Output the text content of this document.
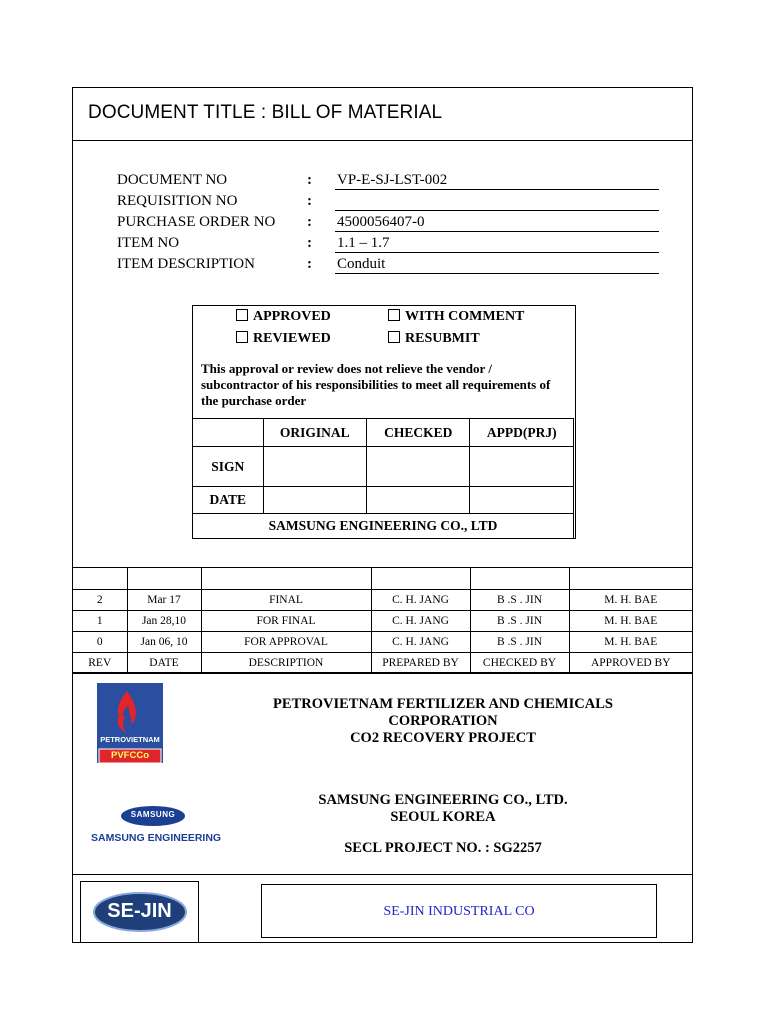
DOCUMENT TITLE : BILL OF MATERIAL
DOCUMENT NO	: VP-E-SJ-LST-002
REQUISITION NO	:
PURCHASE ORDER NO : 4500056407-0
ITEM NO	: 1.1 – 1.7
ITEM DESCRIPTION	: Conduit
APPROVED	WITH COMMENT
REVIEWED	RESUBMIT
This approval or review does not relieve the vendor / subcontractor of his responsibilities to meet all requirements of the purchase order
	ORIGINAL	CHECKED	APPD(PRJ)
SIGN			
DATE			
SAMSUNG ENGINEERING CO., LTD			

2	Mar 17	FINAL	C. H. JANG	B .S . JIN	M. H. BAE
1	Jan 28,10	FOR FINAL	C. H. JANG	B .S . JIN	M. H. BAE
0	Jan 06, 10	FOR APPROVAL	C. H. JANG	B .S . JIN	M. H. BAE
REV	DATE	DESCRIPTION	PREPARED BY	CHECKED BY	APPROVED BY
PETROVIETNAM
PVFCCo
PETROVIETNAM FERTILIZER AND CHEMICALS
CORPORATION
CO2 RECOVERY PROJECT
SAMSUNG
SAMSUNG ENGINEERING
SAMSUNG ENGINEERING CO., LTD.
SEOUL KOREA
SECL PROJECT NO. : SG2257
SE-JIN	SE-JIN INDUSTRIAL CO
